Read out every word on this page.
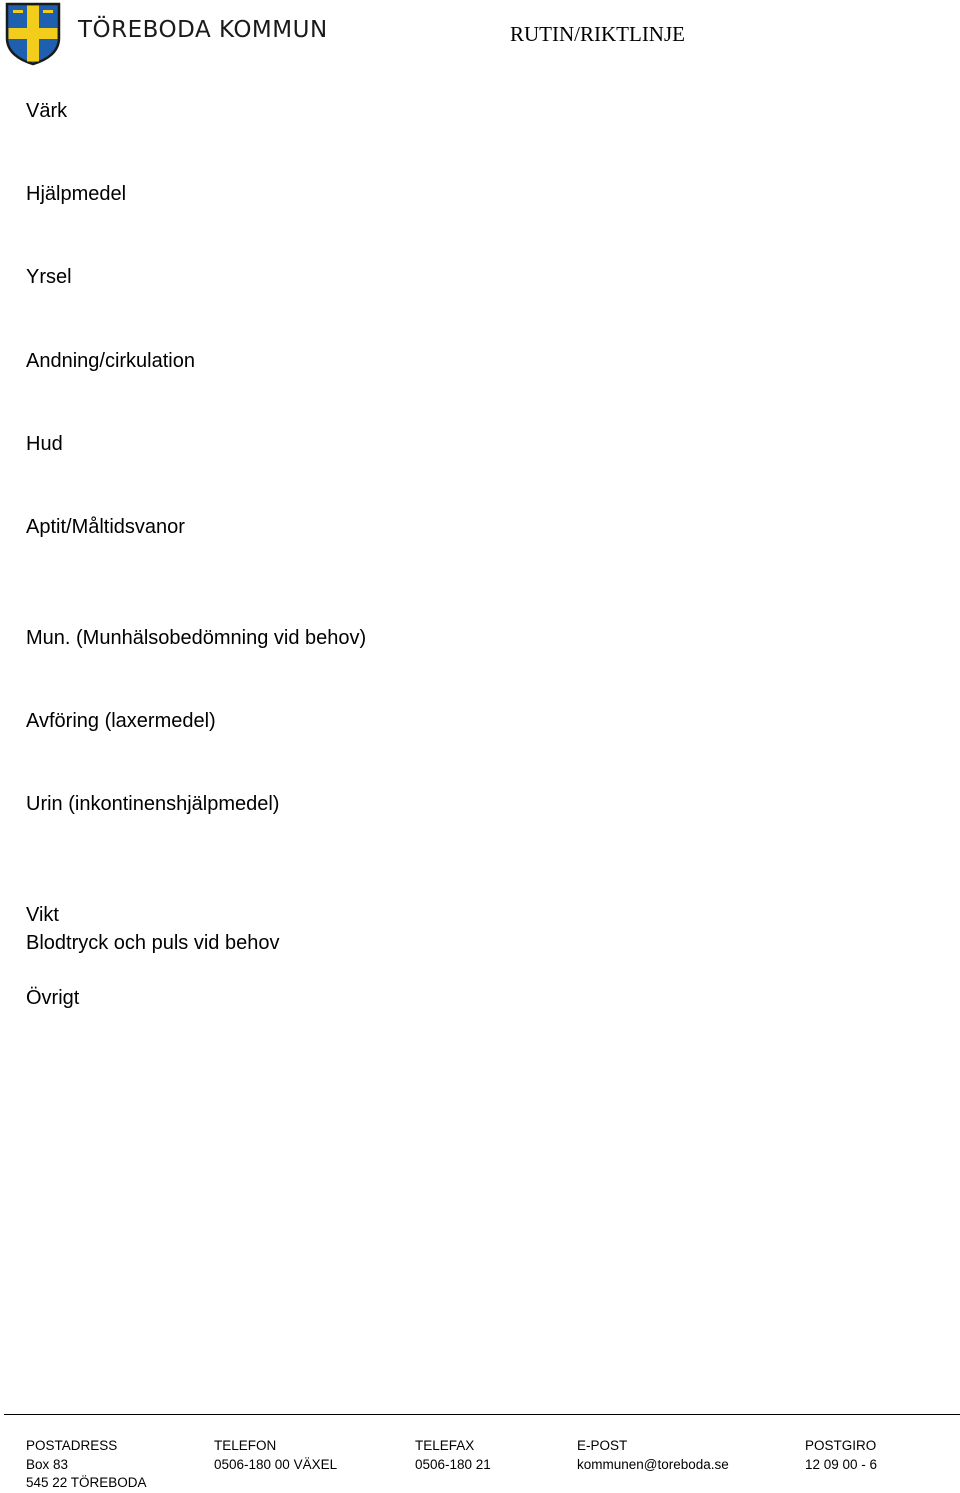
TÖREBODA KOMMUN	RUTIN/RIKTLINJE
Värk
Hjälpmedel
Yrsel
Andning/cirkulation
Hud
Aptit/Måltidsvanor
Mun. (Munhälsobedömning vid behov)
Avföring (laxermedel)
Urin (inkontinenshjälpmedel)
Vikt
Blodtryck och puls vid behov
Övrigt
POSTADRESS
Box 83
545 22 TÖREBODA
TELEFON
0506-180 00 VÄXEL
TELEFAX
0506-180 21
E-POST
kommunen@toreboda.se
POSTGIRO
12 09 00 - 6
